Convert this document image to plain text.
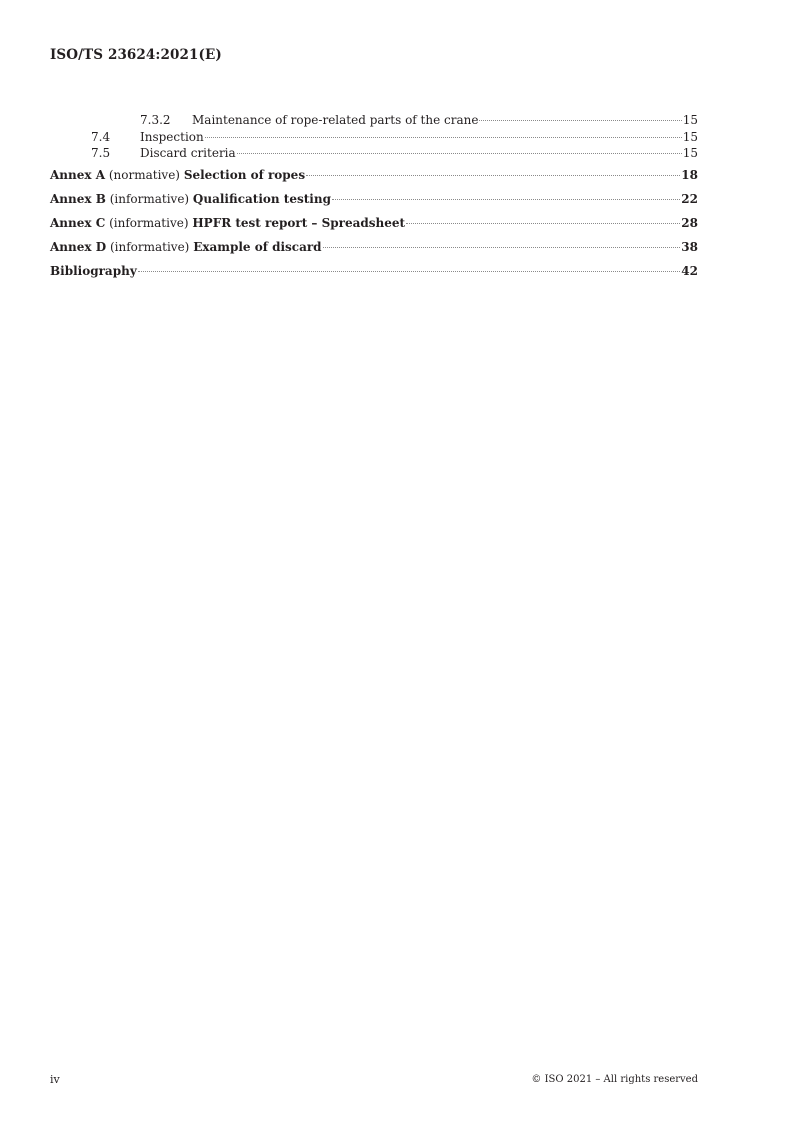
ISO/TS 23624:2021(E)
7.3.2	Maintenance of rope-related parts of the crane	15
7.4	Inspection	15
7.5	Discard criteria	15
Annex A (normative) Selection of ropes	18
Annex B (informative) Qualification testing	22
Annex C (informative) HPFR test report – Spreadsheet	28
Annex D (informative) Example of discard	38
Bibliography	42
iv	© ISO 2021 – All rights reserved
